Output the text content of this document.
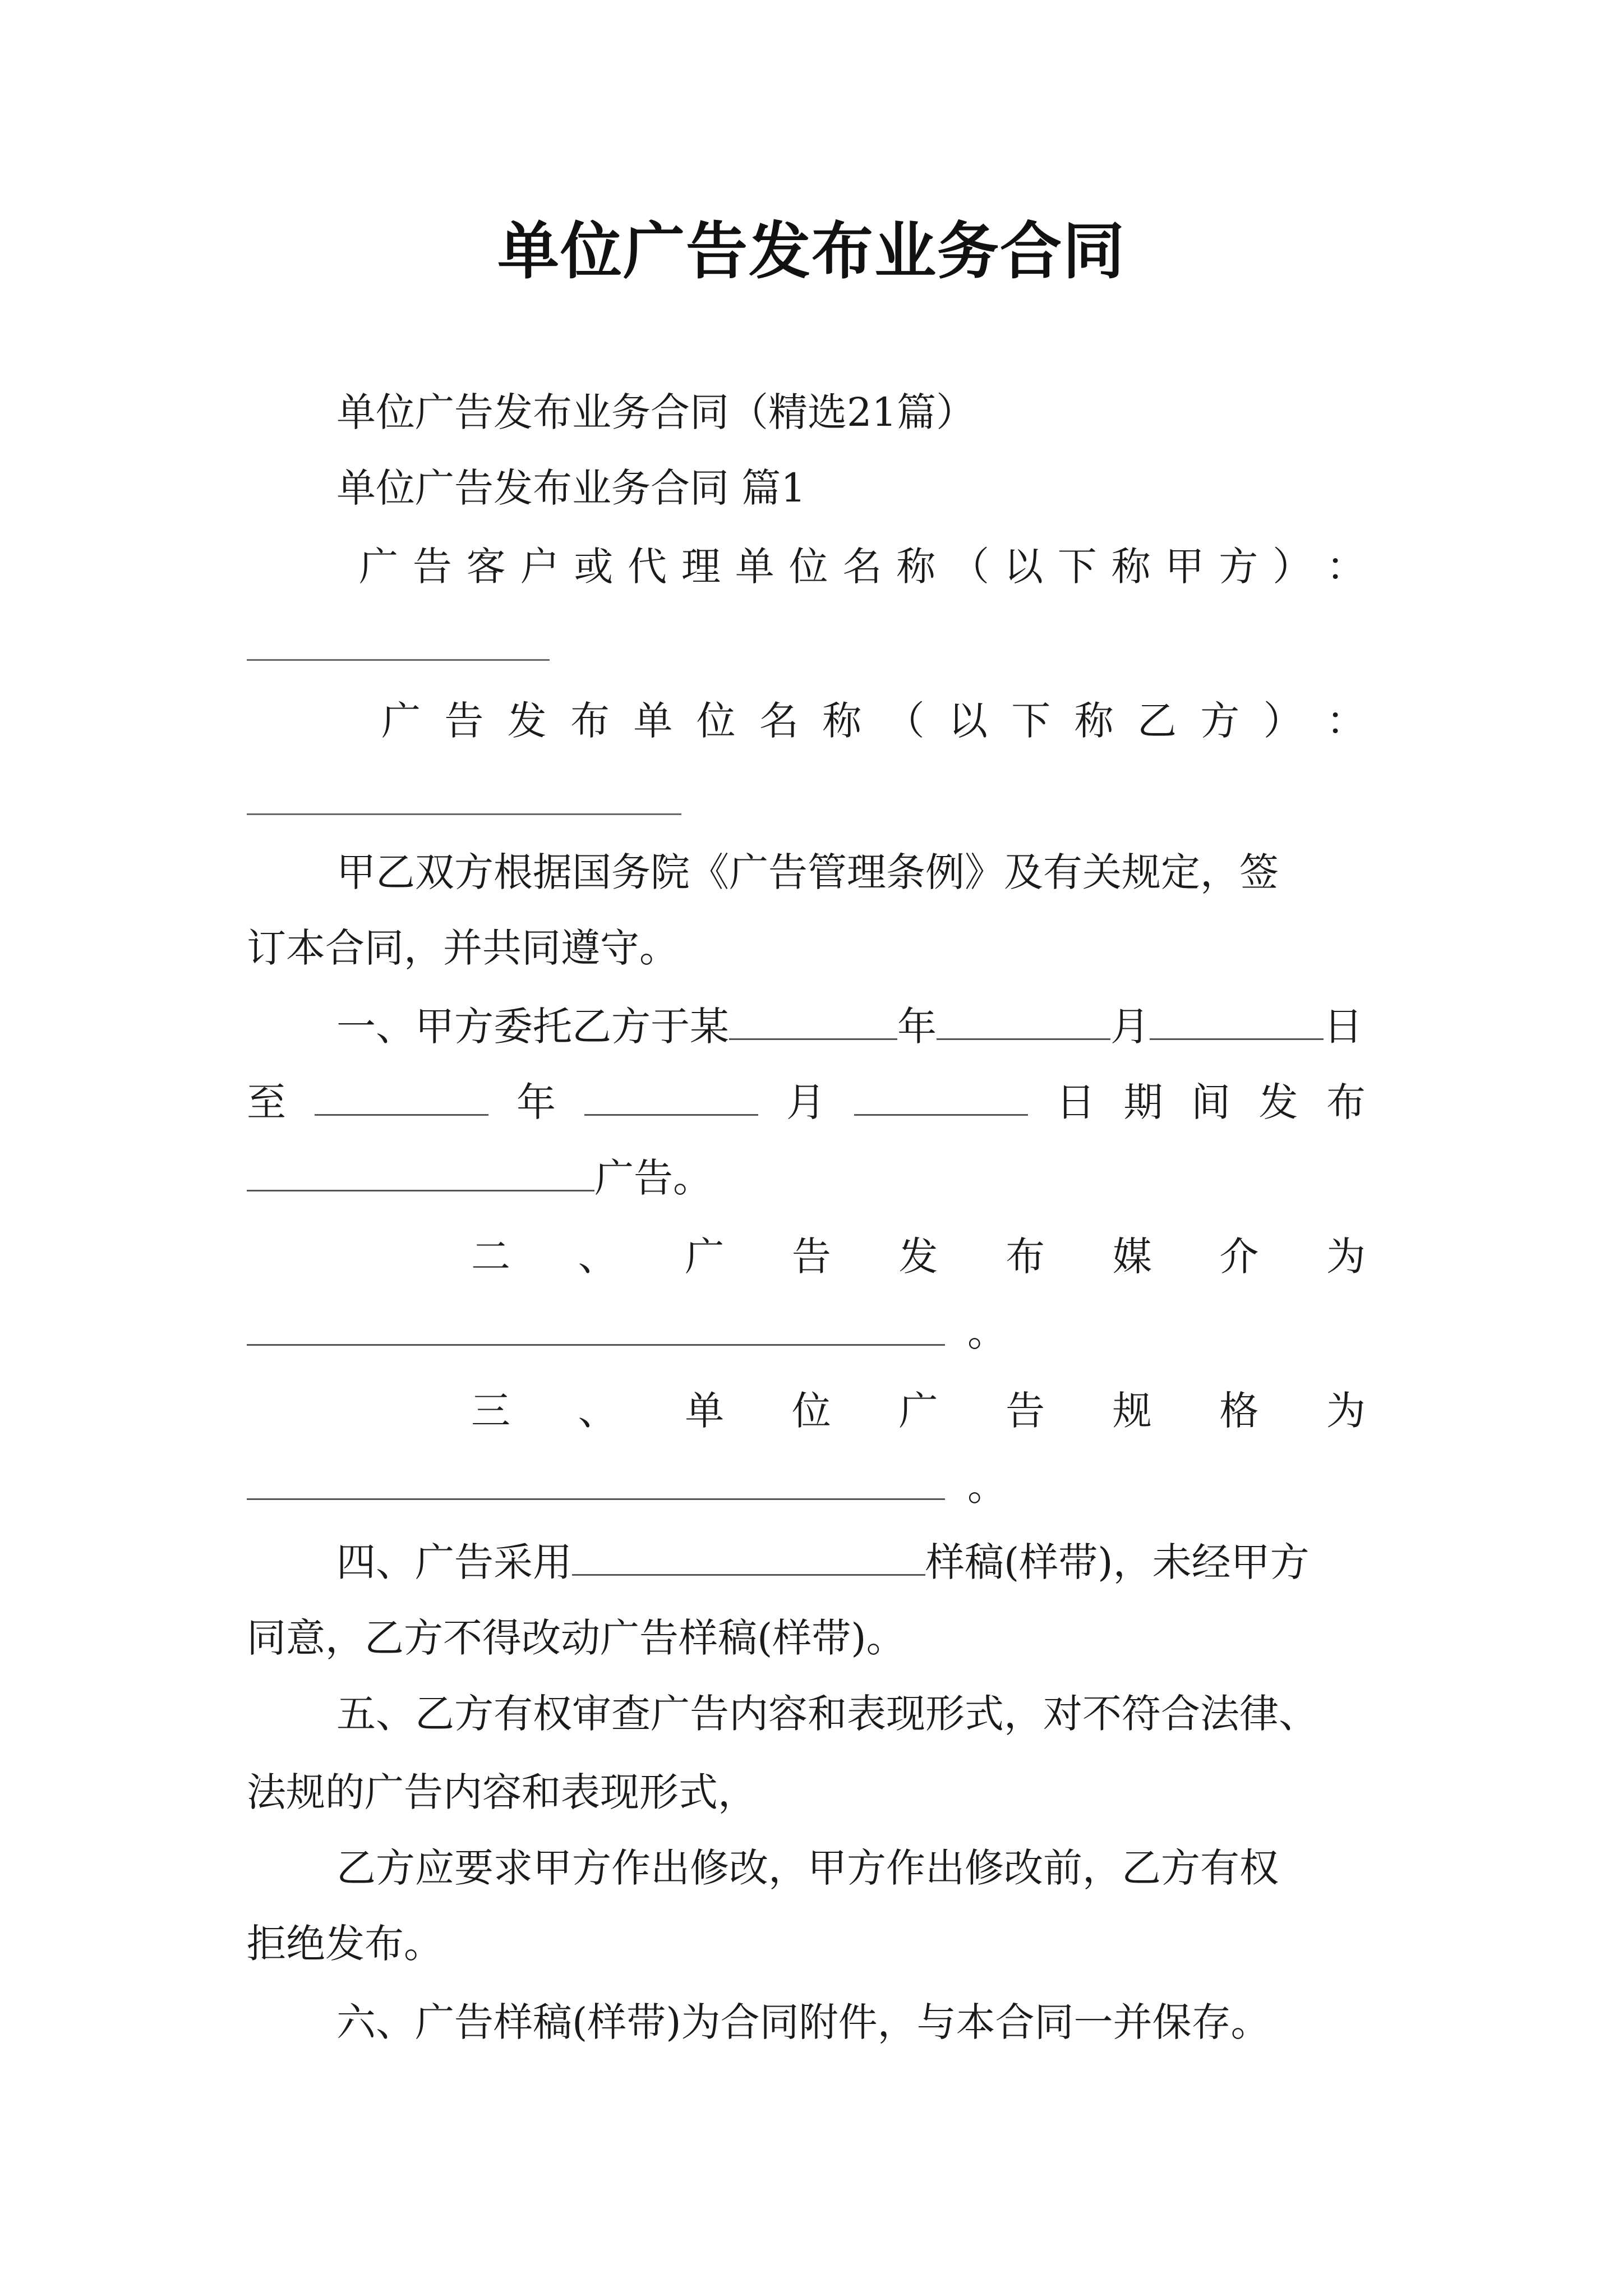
单位广告发布业务合同
单位广告发布业务合同（精选21篇）
单位广告发布业务合同 篇1
广 告 客 户 或 代 理 单 位 名 称 （ 以 下 称 甲 方 ） ：
广 告 发 布 单 位 名 称 （ 以 下 称 乙 方 ） ：
甲乙双方根据国务院《广告管理条例》及有关规定，签
订本合同，并共同遵守。
一、甲方委托乙方于某	年	月	日
至	年	月	日 期 间 发 布
广告。
二 、 广 告 发 布 媒 介 为
。
三 、 单 位 广 告 规 格 为
。
四、广告采用	样稿(样带)，未经甲方
同意，乙方不得改动广告样稿(样带)。
五、乙方有权审查广告内容和表现形式，对不符合法律、
法规的广告内容和表现形式，
乙方应要求甲方作出修改，甲方作出修改前，乙方有权
拒绝发布。
六、广告样稿(样带)为合同附件，与本合同一并保存。
